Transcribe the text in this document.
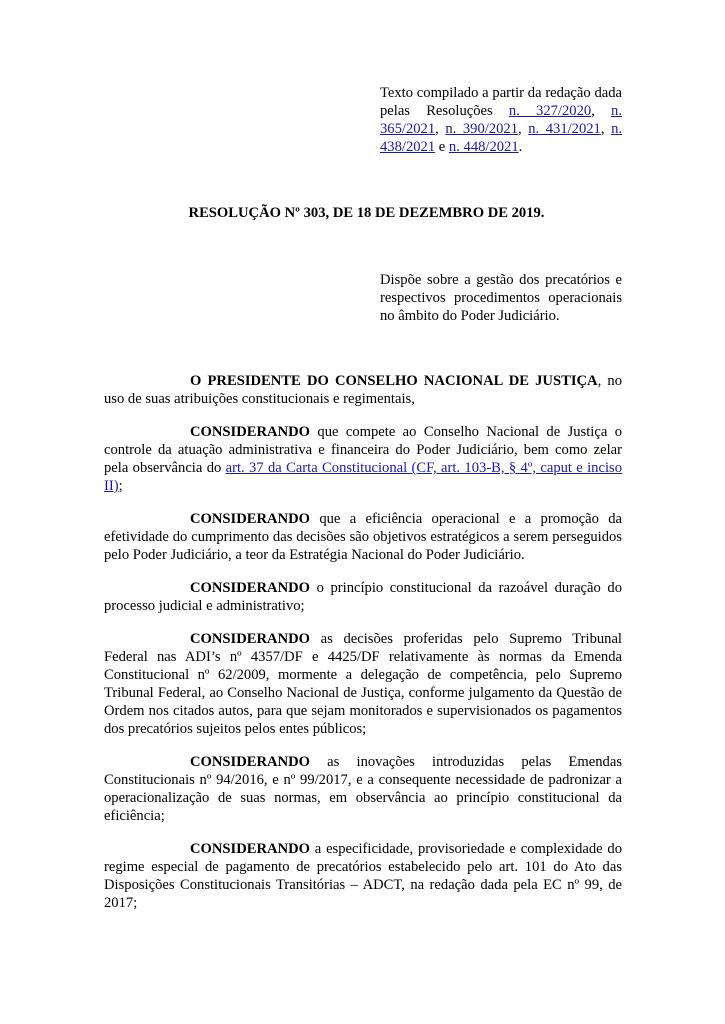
Texto compilado a partir da redação dada pelas Resoluções n. 327/2020, n. 365/2021, n. 390/2021, n. 431/2021, n. 438/2021 e n. 448/2021.
RESOLUÇÃO Nº 303, DE 18 DE DEZEMBRO DE 2019.
Dispõe sobre a gestão dos precatórios e respectivos procedimentos operacionais no âmbito do Poder Judiciário.

O PRESIDENTE DO CONSELHO NACIONAL DE JUSTIÇA, no uso de suas atribuições constitucionais e regimentais,

CONSIDERANDO que compete ao Conselho Nacional de Justiça o controle da atuação administrativa e financeira do Poder Judiciário, bem como zelar pela observância do art. 37 da Carta Constitucional (CF, art. 103-B, § 4º, caput e inciso II);

CONSIDERANDO que a eficiência operacional e a promoção da efetividade do cumprimento das decisões são objetivos estratégicos a serem perseguidos pelo Poder Judiciário, a teor da Estratégia Nacional do Poder Judiciário.

CONSIDERANDO o princípio constitucional da razoável duração do processo judicial e administrativo;

CONSIDERANDO as decisões proferidas pelo Supremo Tribunal Federal nas ADI’s nº 4357/DF e 4425/DF relativamente às normas da Emenda Constitucional nº 62/2009, mormente a delegação de competência, pelo Supremo Tribunal Federal, ao Conselho Nacional de Justiça, conforme julgamento da Questão de Ordem nos citados autos, para que sejam monitorados e supervisionados os pagamentos dos precatórios sujeitos pelos entes públicos;

CONSIDERANDO as inovações introduzidas pelas Emendas Constitucionais nº 94/2016, e nº 99/2017, e a consequente necessidade de padronizar a operacionalização de suas normas, em observância ao princípio constitucional da eficiência;

CONSIDERANDO a especificidade, provisoriedade e complexidade do regime especial de pagamento de precatórios estabelecido pelo art. 101 do Ato das Disposições Constitucionais Transitórias – ADCT, na redação dada pela EC nº 99, de 2017;
